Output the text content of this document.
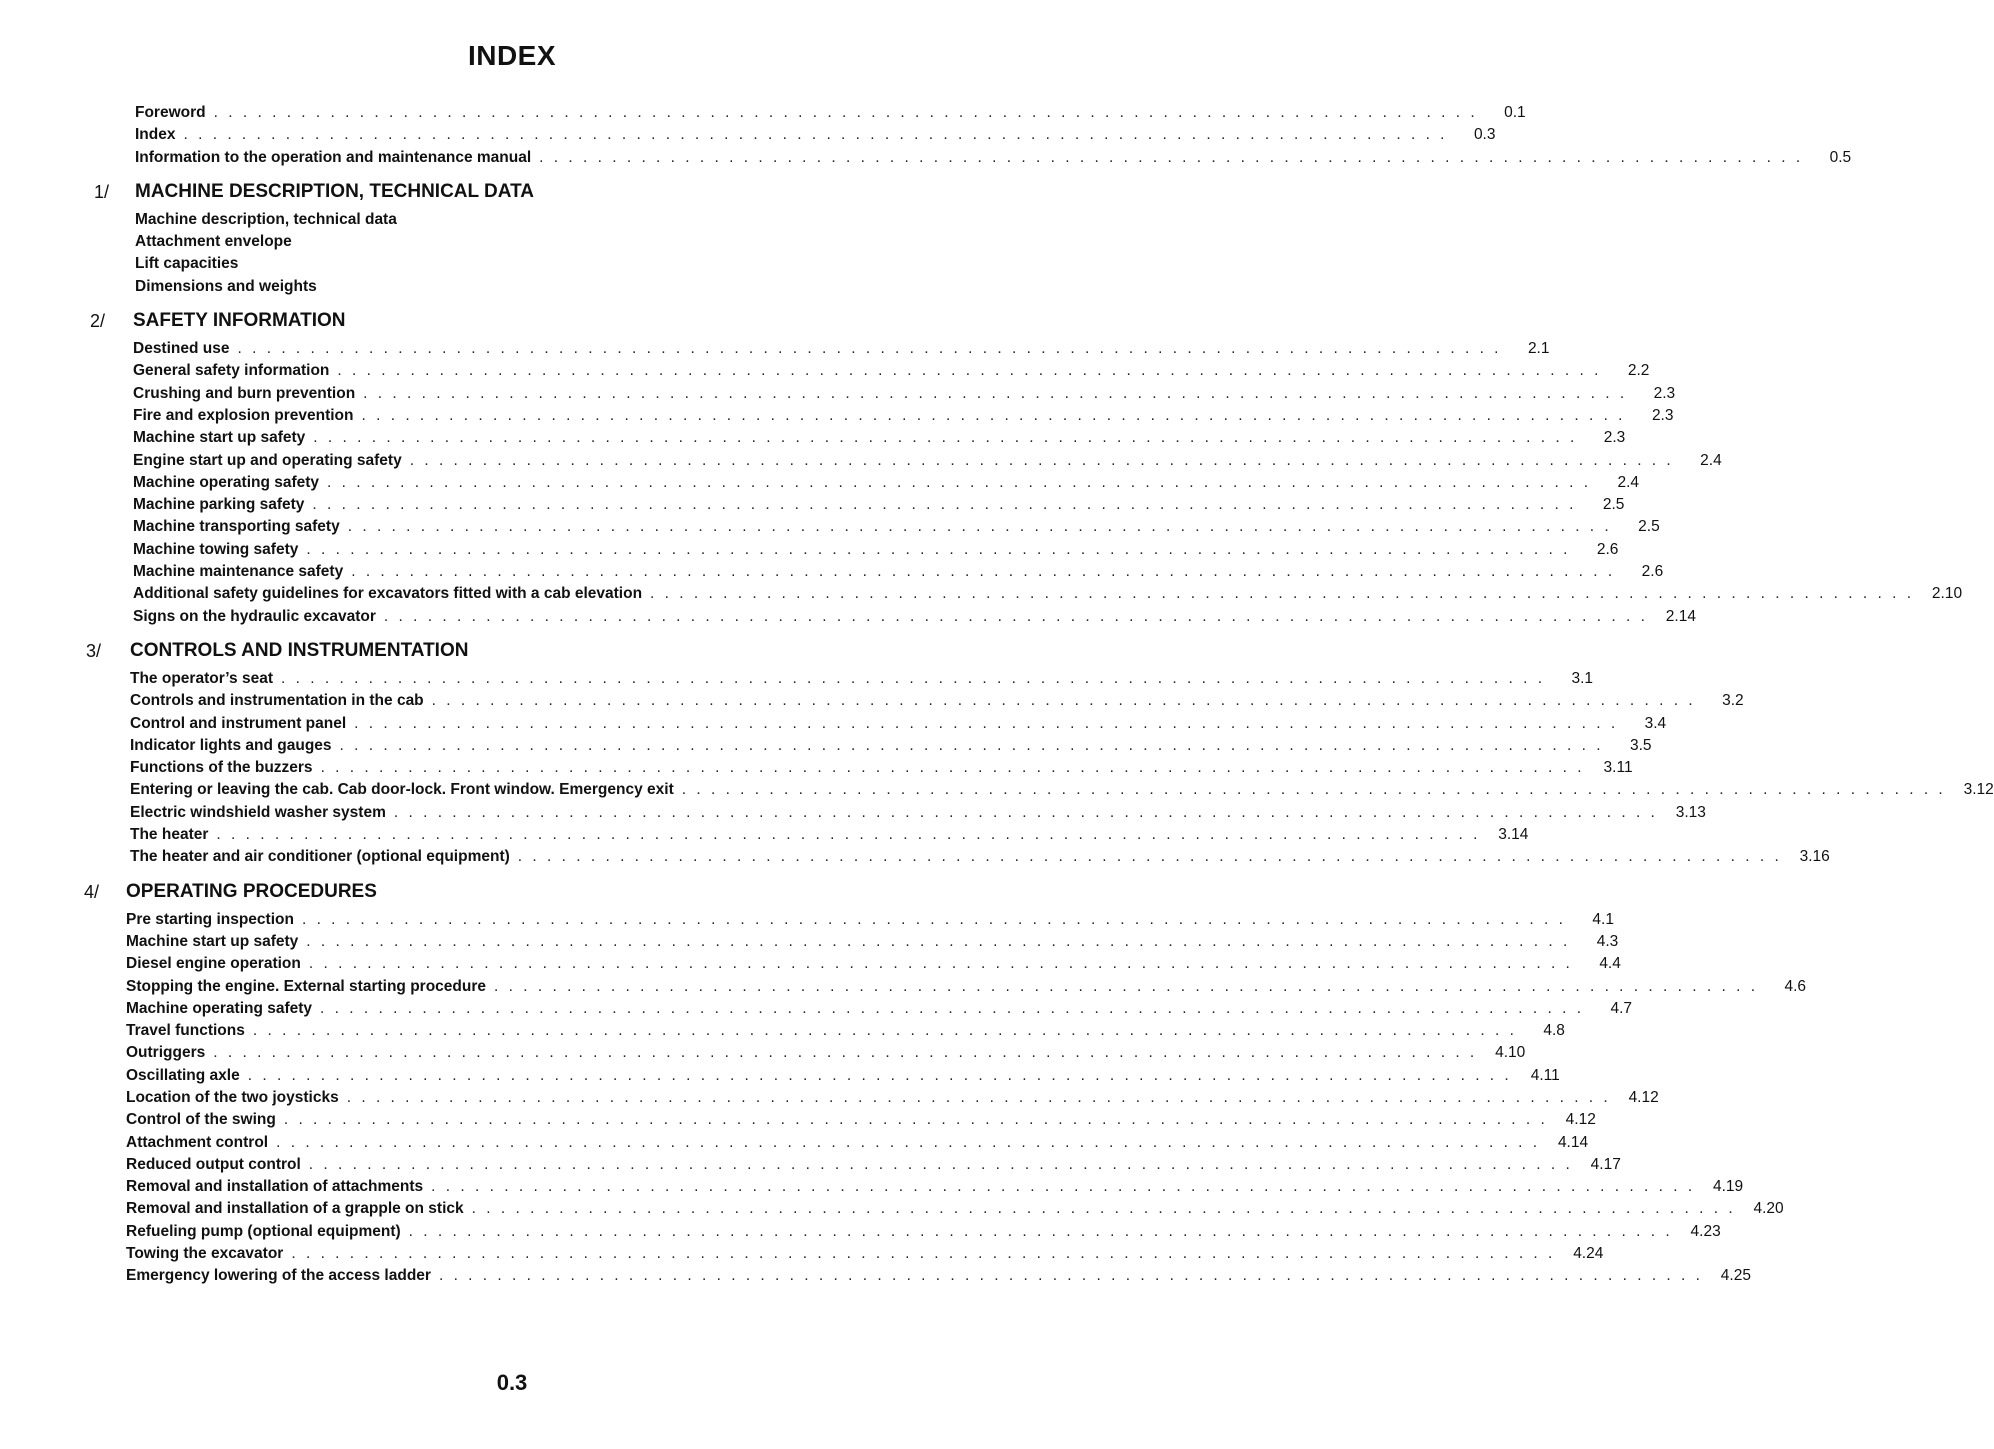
INDEX
Foreword . . . . . . . . . . . . . . . . . . . . . . . . . . . . . . . . . . . . . . . . . . . . . . . . . . . . . . . . . . . . . . . . . . . . . . . . . . . . . . . . . . . . . . .	0.1
Index . . . . . . . . . . . . . . . . . . . . . . . . . . . . . . . . . . . . . . . . . . . . . . . . . . . . . . . . . . . . . . . . . . . . . . . . . . . . . . . . . . . . . . .	0.3
Information to the operation and maintenance manual . . . . . . . . . . . . . . . . . . . . . . . . . . . . . . . . . . . . . . . . . . . . . . . . . . . . . . . . . . . . . . . . . . . . . . . . . . . . . . . . . . . . . . .	0.5
1/ MACHINE DESCRIPTION, TECHNICAL DATA
Machine description, technical data
Attachment envelope
Lift capacities
Dimensions and weights
2/ SAFETY INFORMATION
Destined use . . . . . . . . . . . . . . . . . . . . . . . . . . . . . . . . . . . . . . . . . . . . . . . . . . . . . . . . . . . . . . . . . . . . . . . . . . . . . . . . . . . . . . .	2.1
General safety information . . . . . . . . . . . . . . . . . . . . . . . . . . . . . . . . . . . . . . . . . . . . . . . . . . . . . . . . . . . . . . . . . . . . . . . . . . . . . . . . . . . . . . .	2.2
Crushing and burn prevention . . . . . . . . . . . . . . . . . . . . . . . . . . . . . . . . . . . . . . . . . . . . . . . . . . . . . . . . . . . . . . . . . . . . . . . . . . . . . . . . . . . . . . .	2.3
Fire and explosion prevention . . . . . . . . . . . . . . . . . . . . . . . . . . . . . . . . . . . . . . . . . . . . . . . . . . . . . . . . . . . . . . . . . . . . . . . . . . . . . . . . . . . . . . .	2.3
Machine start up safety . . . . . . . . . . . . . . . . . . . . . . . . . . . . . . . . . . . . . . . . . . . . . . . . . . . . . . . . . . . . . . . . . . . . . . . . . . . . . . . . . . . . . . .	2.3
Engine start up and operating safety . . . . . . . . . . . . . . . . . . . . . . . . . . . . . . . . . . . . . . . . . . . . . . . . . . . . . . . . . . . . . . . . . . . . . . . . . . . . . . . . . . . . . . .	2.4
Machine operating safety . . . . . . . . . . . . . . . . . . . . . . . . . . . . . . . . . . . . . . . . . . . . . . . . . . . . . . . . . . . . . . . . . . . . . . . . . . . . . . . . . . . . . . .	2.4
Machine parking safety . . . . . . . . . . . . . . . . . . . . . . . . . . . . . . . . . . . . . . . . . . . . . . . . . . . . . . . . . . . . . . . . . . . . . . . . . . . . . . . . . . . . . . .	2.5
Machine transporting safety . . . . . . . . . . . . . . . . . . . . . . . . . . . . . . . . . . . . . . . . . . . . . . . . . . . . . . . . . . . . . . . . . . . . . . . . . . . . . . . . . . . . . . .	2.5
Machine towing safety . . . . . . . . . . . . . . . . . . . . . . . . . . . . . . . . . . . . . . . . . . . . . . . . . . . . . . . . . . . . . . . . . . . . . . . . . . . . . . . . . . . . . . .	2.6
Machine maintenance safety . . . . . . . . . . . . . . . . . . . . . . . . . . . . . . . . . . . . . . . . . . . . . . . . . . . . . . . . . . . . . . . . . . . . . . . . . . . . . . . . . . . . . . .	2.6
Additional safety guidelines for excavators fitted with a cab elevation . . . . . . . . . . . . . . . . . . . . . . . . . . . . . . . . . . . . . . . . . . . . . . . . . . . . . . . . . . . . . . . . . . . . . . . . . . . . . . . . . . . . . . .	2.10
Signs on the hydraulic excavator . . . . . . . . . . . . . . . . . . . . . . . . . . . . . . . . . . . . . . . . . . . . . . . . . . . . . . . . . . . . . . . . . . . . . . . . . . . . . . . . . . . . . . .	2.14
3/ CONTROLS AND INSTRUMENTATION
The operator’s seat . . . . . . . . . . . . . . . . . . . . . . . . . . . . . . . . . . . . . . . . . . . . . . . . . . . . . . . . . . . . . . . . . . . . . . . . . . . . . . . . . . . . . . .	3.1
Controls and instrumentation in the cab . . . . . . . . . . . . . . . . . . . . . . . . . . . . . . . . . . . . . . . . . . . . . . . . . . . . . . . . . . . . . . . . . . . . . . . . . . . . . . . . . . . . . . .	3.2
Control and instrument panel . . . . . . . . . . . . . . . . . . . . . . . . . . . . . . . . . . . . . . . . . . . . . . . . . . . . . . . . . . . . . . . . . . . . . . . . . . . . . . . . . . . . . . .	3.4
Indicator lights and gauges . . . . . . . . . . . . . . . . . . . . . . . . . . . . . . . . . . . . . . . . . . . . . . . . . . . . . . . . . . . . . . . . . . . . . . . . . . . . . . . . . . . . . . .	3.5
Functions of the buzzers . . . . . . . . . . . . . . . . . . . . . . . . . . . . . . . . . . . . . . . . . . . . . . . . . . . . . . . . . . . . . . . . . . . . . . . . . . . . . . . . . . . . . . .	3.11
Entering or leaving the cab. Cab door-lock. Front window. Emergency exit . . . . . . . . . . . . . . . . . . . . . . . . . . . . . . . . . . . . . . . . . . . . . . . . . . . . . . . . . . . . . . . . . . . . . . . . . . . . . . . . . . . . . . .	3.12
Electric windshield washer system . . . . . . . . . . . . . . . . . . . . . . . . . . . . . . . . . . . . . . . . . . . . . . . . . . . . . . . . . . . . . . . . . . . . . . . . . . . . . . . . . . . . . . .	3.13
The heater . . . . . . . . . . . . . . . . . . . . . . . . . . . . . . . . . . . . . . . . . . . . . . . . . . . . . . . . . . . . . . . . . . . . . . . . . . . . . . . . . . . . . . .	3.14
The heater and air conditioner (optional equipment) . . . . . . . . . . . . . . . . . . . . . . . . . . . . . . . . . . . . . . . . . . . . . . . . . . . . . . . . . . . . . . . . . . . . . . . . . . . . . . . . . . . . . . .	3.16
4/ OPERATING PROCEDURES
Pre starting inspection . . . . . . . . . . . . . . . . . . . . . . . . . . . . . . . . . . . . . . . . . . . . . . . . . . . . . . . . . . . . . . . . . . . . . . . . . . . . . . . . . . . . . . .	4.1
Machine start up safety . . . . . . . . . . . . . . . . . . . . . . . . . . . . . . . . . . . . . . . . . . . . . . . . . . . . . . . . . . . . . . . . . . . . . . . . . . . . . . . . . . . . . . .	4.3
Diesel engine operation . . . . . . . . . . . . . . . . . . . . . . . . . . . . . . . . . . . . . . . . . . . . . . . . . . . . . . . . . . . . . . . . . . . . . . . . . . . . . . . . . . . . . . .	4.4
Stopping the engine. External starting procedure . . . . . . . . . . . . . . . . . . . . . . . . . . . . . . . . . . . . . . . . . . . . . . . . . . . . . . . . . . . . . . . . . . . . . . . . . . . . . . . . . . . . . . .	4.6
Machine operating safety . . . . . . . . . . . . . . . . . . . . . . . . . . . . . . . . . . . . . . . . . . . . . . . . . . . . . . . . . . . . . . . . . . . . . . . . . . . . . . . . . . . . . . .	4.7
Travel functions . . . . . . . . . . . . . . . . . . . . . . . . . . . . . . . . . . . . . . . . . . . . . . . . . . . . . . . . . . . . . . . . . . . . . . . . . . . . . . . . . . . . . . .	4.8
Outriggers . . . . . . . . . . . . . . . . . . . . . . . . . . . . . . . . . . . . . . . . . . . . . . . . . . . . . . . . . . . . . . . . . . . . . . . . . . . . . . . . . . . . . . .	4.10
Oscillating axle . . . . . . . . . . . . . . . . . . . . . . . . . . . . . . . . . . . . . . . . . . . . . . . . . . . . . . . . . . . . . . . . . . . . . . . . . . . . . . . . . . . . . . .	4.11
Location of the two joysticks . . . . . . . . . . . . . . . . . . . . . . . . . . . . . . . . . . . . . . . . . . . . . . . . . . . . . . . . . . . . . . . . . . . . . . . . . . . . . . . . . . . . . . .	4.12
Control of the swing . . . . . . . . . . . . . . . . . . . . . . . . . . . . . . . . . . . . . . . . . . . . . . . . . . . . . . . . . . . . . . . . . . . . . . . . . . . . . . . . . . . . . . .	4.12
Attachment control . . . . . . . . . . . . . . . . . . . . . . . . . . . . . . . . . . . . . . . . . . . . . . . . . . . . . . . . . . . . . . . . . . . . . . . . . . . . . . . . . . . . . . .	4.14
Reduced output control . . . . . . . . . . . . . . . . . . . . . . . . . . . . . . . . . . . . . . . . . . . . . . . . . . . . . . . . . . . . . . . . . . . . . . . . . . . . . . . . . . . . . . .	4.17
Removal and installation of attachments . . . . . . . . . . . . . . . . . . . . . . . . . . . . . . . . . . . . . . . . . . . . . . . . . . . . . . . . . . . . . . . . . . . . . . . . . . . . . . . . . . . . . . .	4.19
Removal and installation of a grapple on stick . . . . . . . . . . . . . . . . . . . . . . . . . . . . . . . . . . . . . . . . . . . . . . . . . . . . . . . . . . . . . . . . . . . . . . . . . . . . . . . . . . . . . . .	4.20
Refueling pump (optional equipment) . . . . . . . . . . . . . . . . . . . . . . . . . . . . . . . . . . . . . . . . . . . . . . . . . . . . . . . . . . . . . . . . . . . . . . . . . . . . . . . . . . . . . . .	4.23
Towing the excavator . . . . . . . . . . . . . . . . . . . . . . . . . . . . . . . . . . . . . . . . . . . . . . . . . . . . . . . . . . . . . . . . . . . . . . . . . . . . . . . . . . . . . . .	4.24
Emergency lowering of the access ladder . . . . . . . . . . . . . . . . . . . . . . . . . . . . . . . . . . . . . . . . . . . . . . . . . . . . . . . . . . . . . . . . . . . . . . . . . . . . . . . . . . . . . . .	4.25
0.3
